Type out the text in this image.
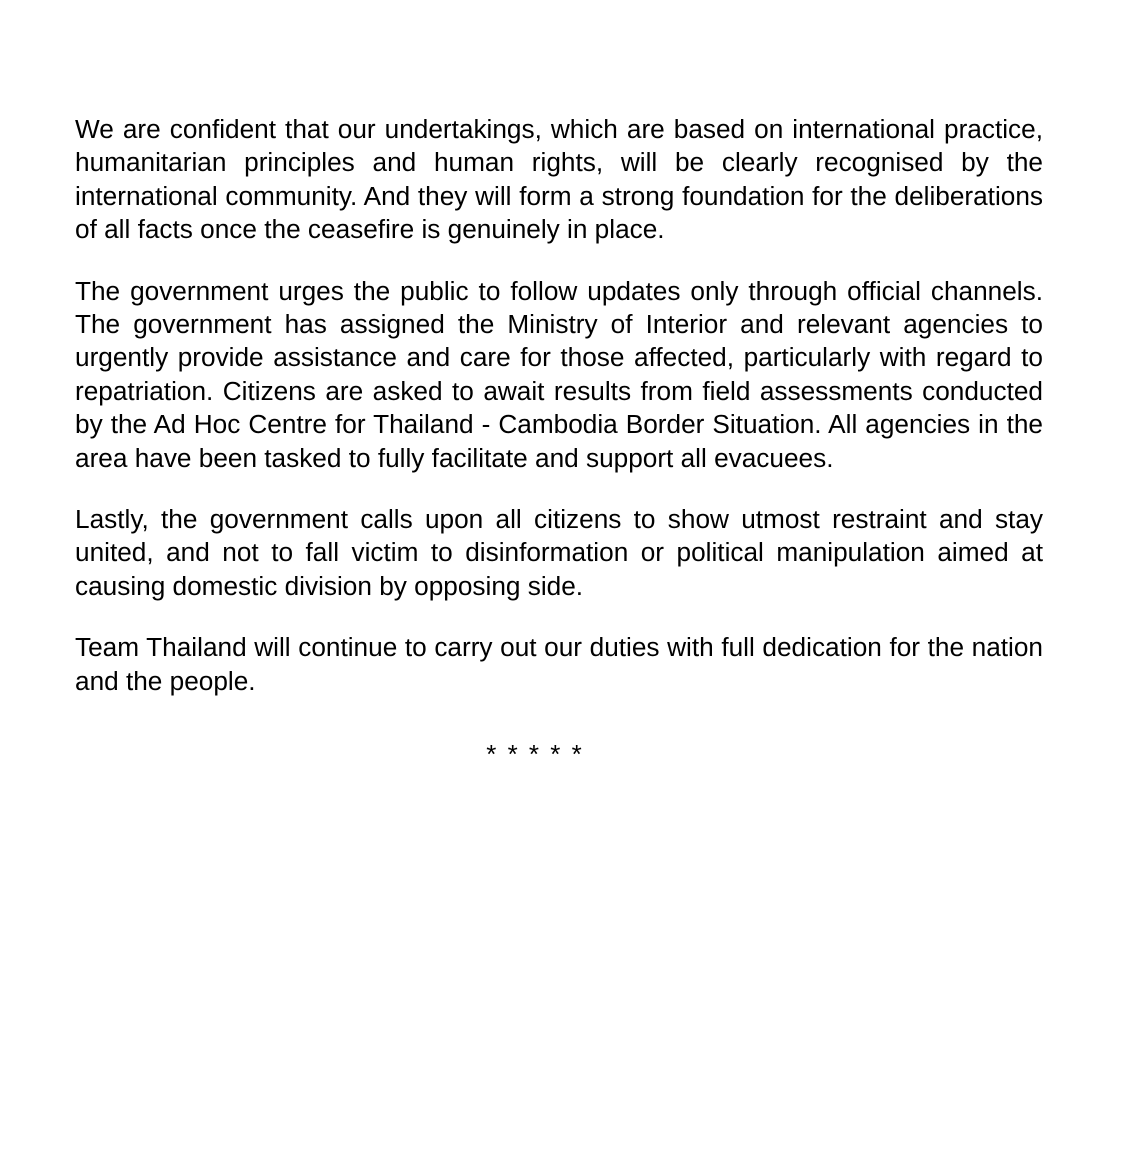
We are confident that our undertakings, which are based on international practice, humanitarian principles and human rights, will be clearly recognised by the international community. And they will form a strong foundation for the deliberations of all facts once the ceasefire is genuinely in place.

The government urges the public to follow updates only through official channels. The government has assigned the Ministry of Interior and relevant agencies to urgently provide assistance and care for those affected, particularly with regard to repatriation. Citizens are asked to await results from field assessments conducted by the Ad Hoc Centre for Thailand - Cambodia Border Situation. All agencies in the area have been tasked to fully facilitate and support all evacuees.

Lastly, the government calls upon all citizens to show utmost restraint and stay united, and not to fall victim to disinformation or political manipulation aimed at causing domestic division by opposing side.

Team Thailand will continue to carry out our duties with full dedication for the nation and the people.

* * * * *
